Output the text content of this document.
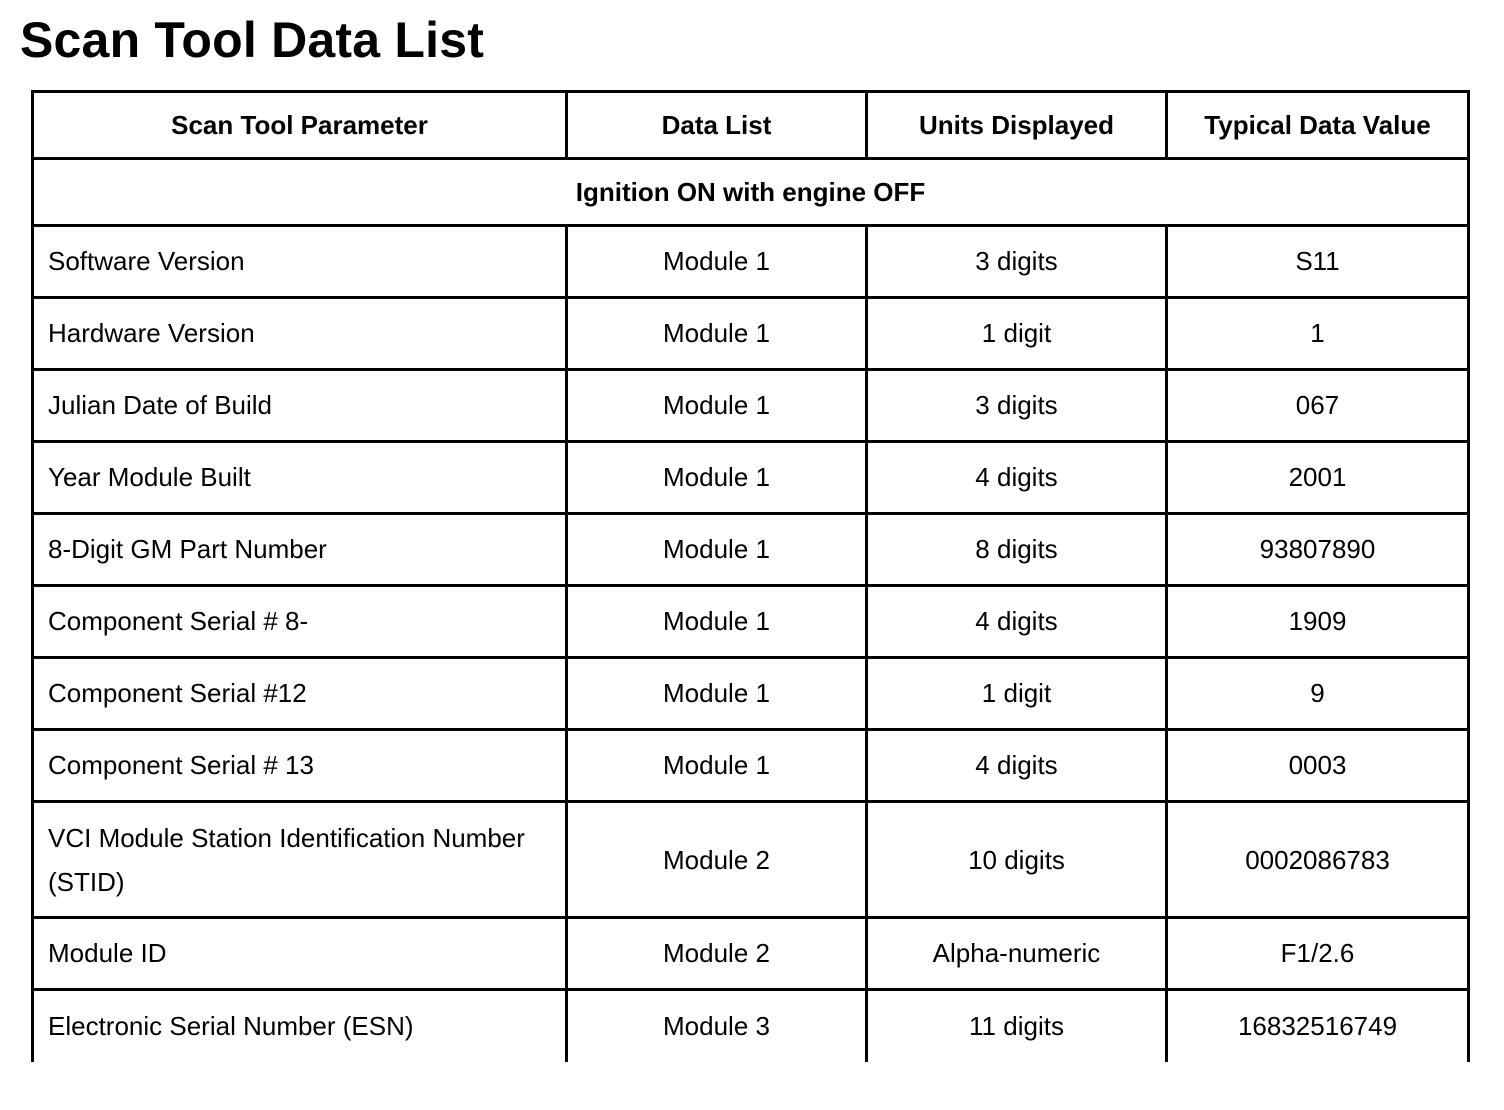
Scan Tool Data List
Scan Tool Parameter	Data List	Units Displayed	Typical Data Value
Ignition ON with engine OFF			
Software Version	Module 1	3 digits	S11
Hardware Version	Module 1	1 digit	1
Julian Date of Build	Module 1	3 digits	067
Year Module Built	Module 1	4 digits	2001
8-Digit GM Part Number	Module 1	8 digits	93807890
Component Serial # 8-	Module 1	4 digits	1909
Component Serial #12	Module 1	1 digit	9
Component Serial # 13	Module 1	4 digits	0003
VCI Module Station Identification Number (STID)	Module 2	10 digits	0002086783
Module ID	Module 2	Alpha-numeric	F1/2.6
Electronic Serial Number (ESN)	Module 3	11 digits	16832516749
